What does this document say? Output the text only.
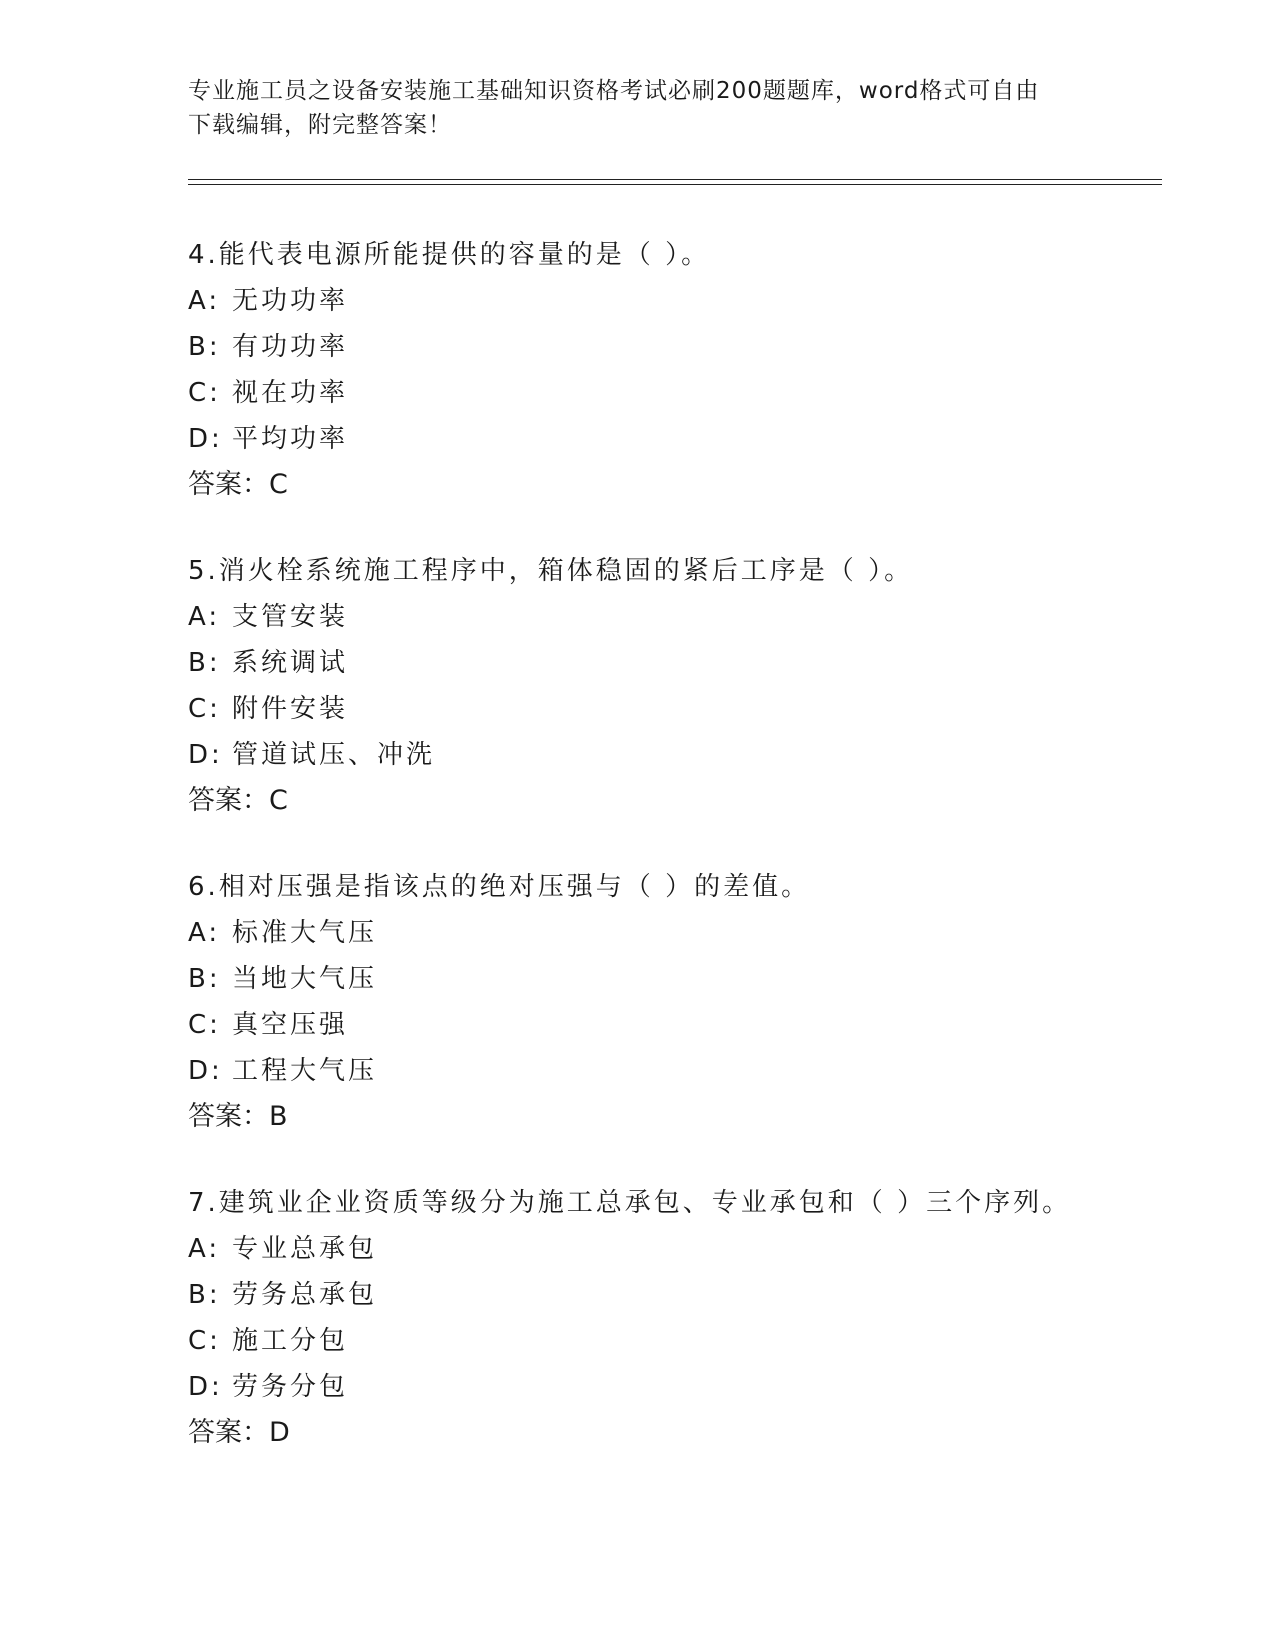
专业施工员之设备安装施工基础知识资格考试必刷200题题库，word格式可自由
下载编辑，附完整答案！
4.能代表电源所能提供的容量的是（ ）。
A: 无功功率
B: 有功功率
C: 视在功率
D: 平均功率
答案：C
5.消火栓系统施工程序中，箱体稳固的紧后工序是（ ）。
A: 支管安装
B: 系统调试
C: 附件安装
D: 管道试压、冲洗
答案：C
6.相对压强是指该点的绝对压强与（ ）的差值。
A: 标准大气压
B: 当地大气压
C: 真空压强
D: 工程大气压
答案：B
7.建筑业企业资质等级分为施工总承包、专业承包和（ ）三个序列。
A: 专业总承包
B: 劳务总承包
C: 施工分包
D: 劳务分包
答案：D
